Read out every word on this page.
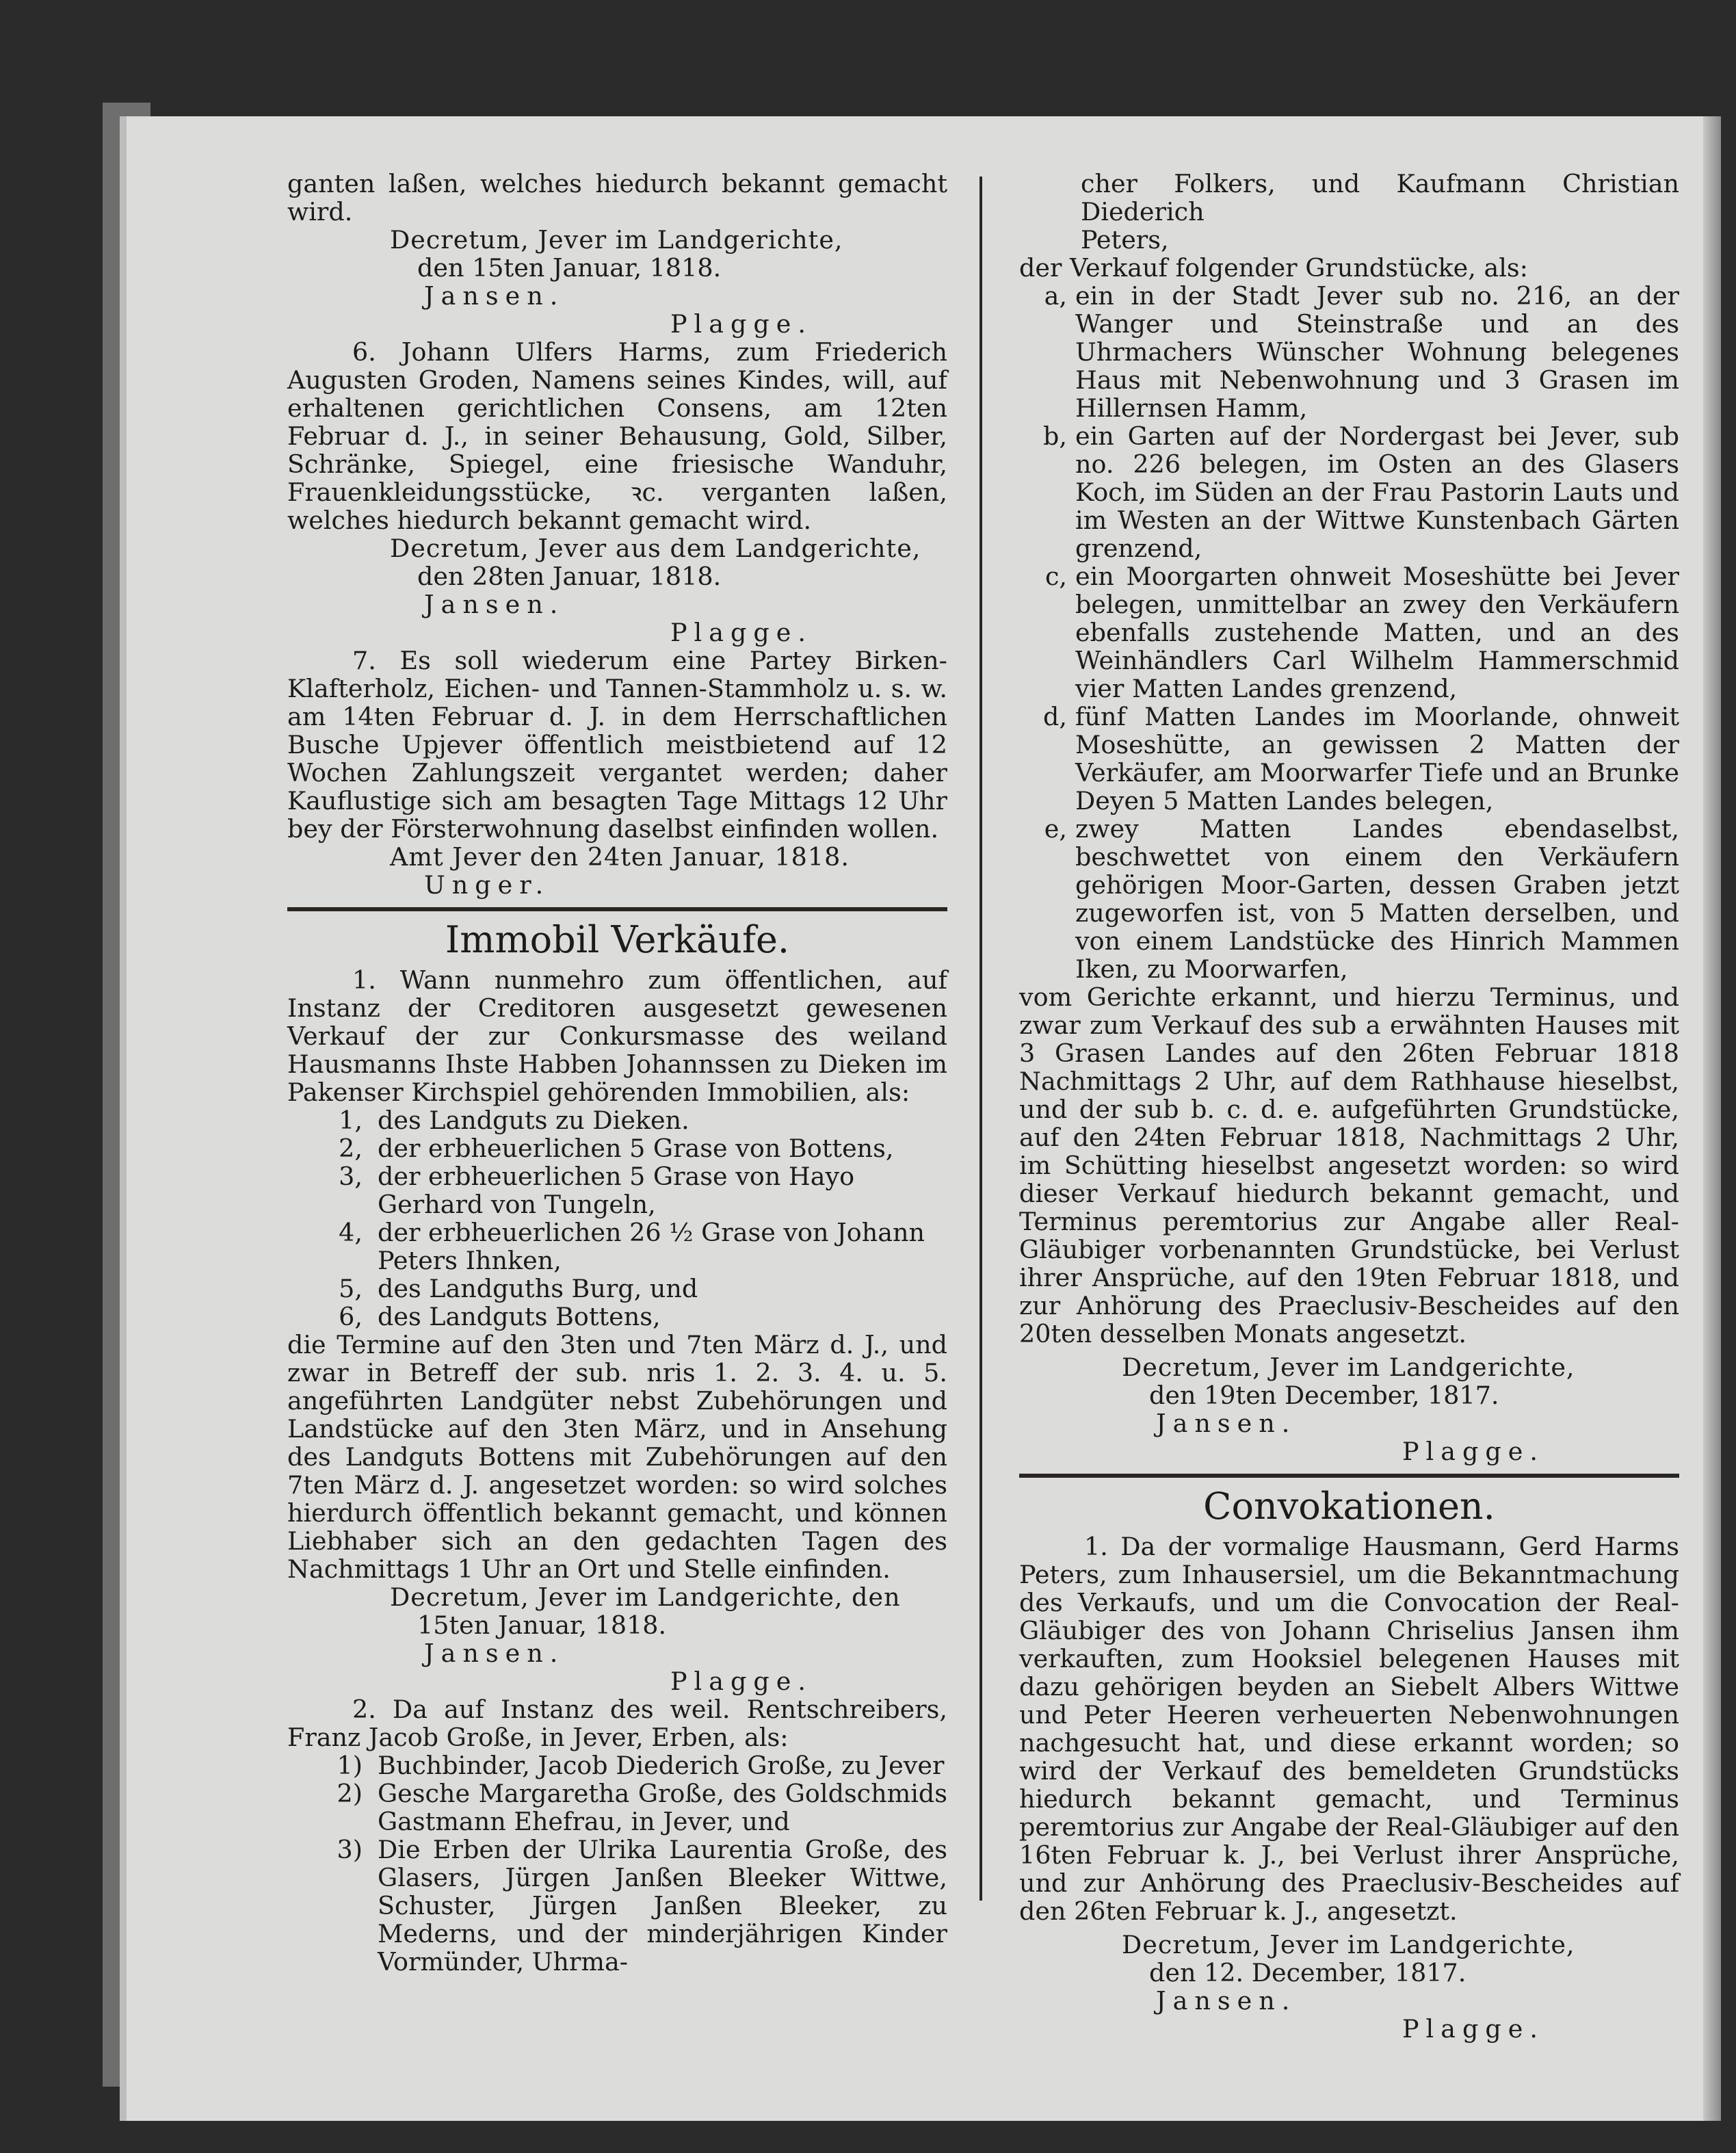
ganten laßen, welches hiedurch bekannt gemacht wird.

Decretum, Jever im Landgerichte,

den 15ten Januar, 1818.

Jansen.

Plagge.

6. Johann Ulfers Harms, zum Friederich Augusten Groden, Namens seines Kindes, will, auf erhaltenen gerichtlichen Consens, am 12ten Februar d. J., in seiner Behausung, Gold, Silber, Schränke, Spiegel, eine friesische Wanduhr, Frauenkleidungsstücke, ꝛc. verganten laßen, welches hiedurch bekannt gemacht wird.

Decretum, Jever aus dem Landgerichte,

den 28ten Januar, 1818.

Jansen.

Plagge.

7. Es soll wiederum eine Partey Birken-Klafterholz, Eichen- und Tannen-Stammholz u. s. w. am 14ten Februar d. J. in dem Herrschaftlichen Busche Upjever öffentlich meistbietend auf 12 Wochen Zahlungszeit vergantet werden; daher Kauflustige sich am besagten Tage Mittags 12 Uhr bey der Försterwohnung daselbst einfinden wollen.

Amt Jever den 24ten Januar, 1818.

Unger.

Immobil Verkäufe.

1. Wann nunmehro zum öffentlichen, auf Instanz der Creditoren ausgesetzt gewesenen Verkauf der zur Conkursmasse des weiland Hausmanns Ihste Habben Johannssen zu Dieken im Pakenser Kirchspiel gehörenden Immobilien, als:

1, des Landguts zu Dieken.
2, der erbheuerlichen 5 Grase von Bottens,
3, der erbheuerlichen 5 Grase von Hayo Gerhard von Tungeln,
4, der erbheuerlichen 26 ½ Grase von Johann Peters Ihnken,
5, des Landguths Burg, und
6, des Landguts Bottens,

die Termine auf den 3ten und 7ten März d. J., und zwar in Betreff der sub. nris 1. 2. 3. 4. u. 5. angeführten Landgüter nebst Zubehörungen und Landstücke auf den 3ten März, und in Ansehung des Landguts Bottens mit Zubehörungen auf den 7ten März d. J. angesetzet worden: so wird solches hierdurch öffentlich bekannt gemacht, und können Liebhaber sich an den gedachten Tagen des Nachmittags 1 Uhr an Ort und Stelle einfinden.

Decretum, Jever im Landgerichte, den

15ten Januar, 1818.

Jansen.

Plagge.

2. Da auf Instanz des weil. Rentschreibers, Franz Jacob Große, in Jever, Erben, als:

1) Buchbinder, Jacob Diederich Große, zu Jever
2) Gesche Margaretha Große, des Goldschmids Gastmann Ehefrau, in Jever, und
3) Die Erben der Ulrika Laurentia Große, des Glasers, Jürgen Janßen Bleeker Wittwe, Schuster, Jürgen Janßen Bleeker, zu Mederns, und der minderjährigen Kinder Vormünder, Uhrma-

cher Folkers, und Kaufmann Christian Diederich

Peters,

der Verkauf folgender Grundstücke, als:

a, ein in der Stadt Jever sub no. 216, an der Wanger und Steinstraße und an des Uhrmachers Wünscher Wohnung belegenes Haus mit Nebenwohnung und 3 Grasen im Hillernsen Hamm,
b, ein Garten auf der Nordergast bei Jever, sub no. 226 belegen, im Osten an des Glasers Koch, im Süden an der Frau Pastorin Lauts und im Westen an der Wittwe Kunstenbach Gärten grenzend,
c, ein Moorgarten ohnweit Moseshütte bei Jever belegen, unmittelbar an zwey den Verkäufern ebenfalls zustehende Matten, und an des Weinhändlers Carl Wilhelm Hammerschmid vier Matten Landes grenzend,
d, fünf Matten Landes im Moorlande, ohnweit Moseshütte, an gewissen 2 Matten der Verkäufer, am Moorwarfer Tiefe und an Brunke Deyen 5 Matten Landes belegen,
e, zwey Matten Landes ebendaselbst, beschwettet von einem den Verkäufern gehörigen Moor-Garten, dessen Graben jetzt zugeworfen ist, von 5 Matten derselben, und von einem Landstücke des Hinrich Mammen Iken, zu Moorwarfen,

vom Gerichte erkannt, und hierzu Terminus, und zwar zum Verkauf des sub a erwähnten Hauses mit 3 Grasen Landes auf den 26ten Februar 1818 Nachmittags 2 Uhr, auf dem Rathhause hieselbst, und der sub b. c. d. e. aufgeführten Grundstücke, auf den 24ten Februar 1818, Nachmittags 2 Uhr, im Schütting hieselbst angesetzt worden: so wird dieser Verkauf hiedurch bekannt gemacht, und Terminus peremtorius zur Angabe aller Real-Gläubiger vorbenannten Grundstücke, bei Verlust ihrer Ansprüche, auf den 19ten Februar 1818, und zur Anhörung des Praeclusiv-Bescheides auf den 20ten desselben Monats angesetzt.

Decretum, Jever im Landgerichte,

den 19ten December, 1817.

Jansen.

Plagge.

Convokationen.

1. Da der vormalige Hausmann, Gerd Harms Peters, zum Inhausersiel, um die Bekanntmachung des Verkaufs, und um die Convocation der Real-Gläubiger des von Johann Chriselius Jansen ihm verkauften, zum Hooksiel belegenen Hauses mit dazu gehörigen beyden an Siebelt Albers Wittwe und Peter Heeren verheuerten Nebenwohnungen nachgesucht hat, und diese erkannt worden; so wird der Verkauf des bemeldeten Grundstücks hiedurch bekannt gemacht, und Terminus peremtorius zur Angabe der Real-Gläubiger auf den 16ten Februar k. J., bei Verlust ihrer Ansprüche, und zur Anhörung des Praeclusiv-Bescheides auf den 26ten Februar k. J., angesetzt.

Decretum, Jever im Landgerichte,

den 12. December, 1817.

Jansen.

Plagge.
